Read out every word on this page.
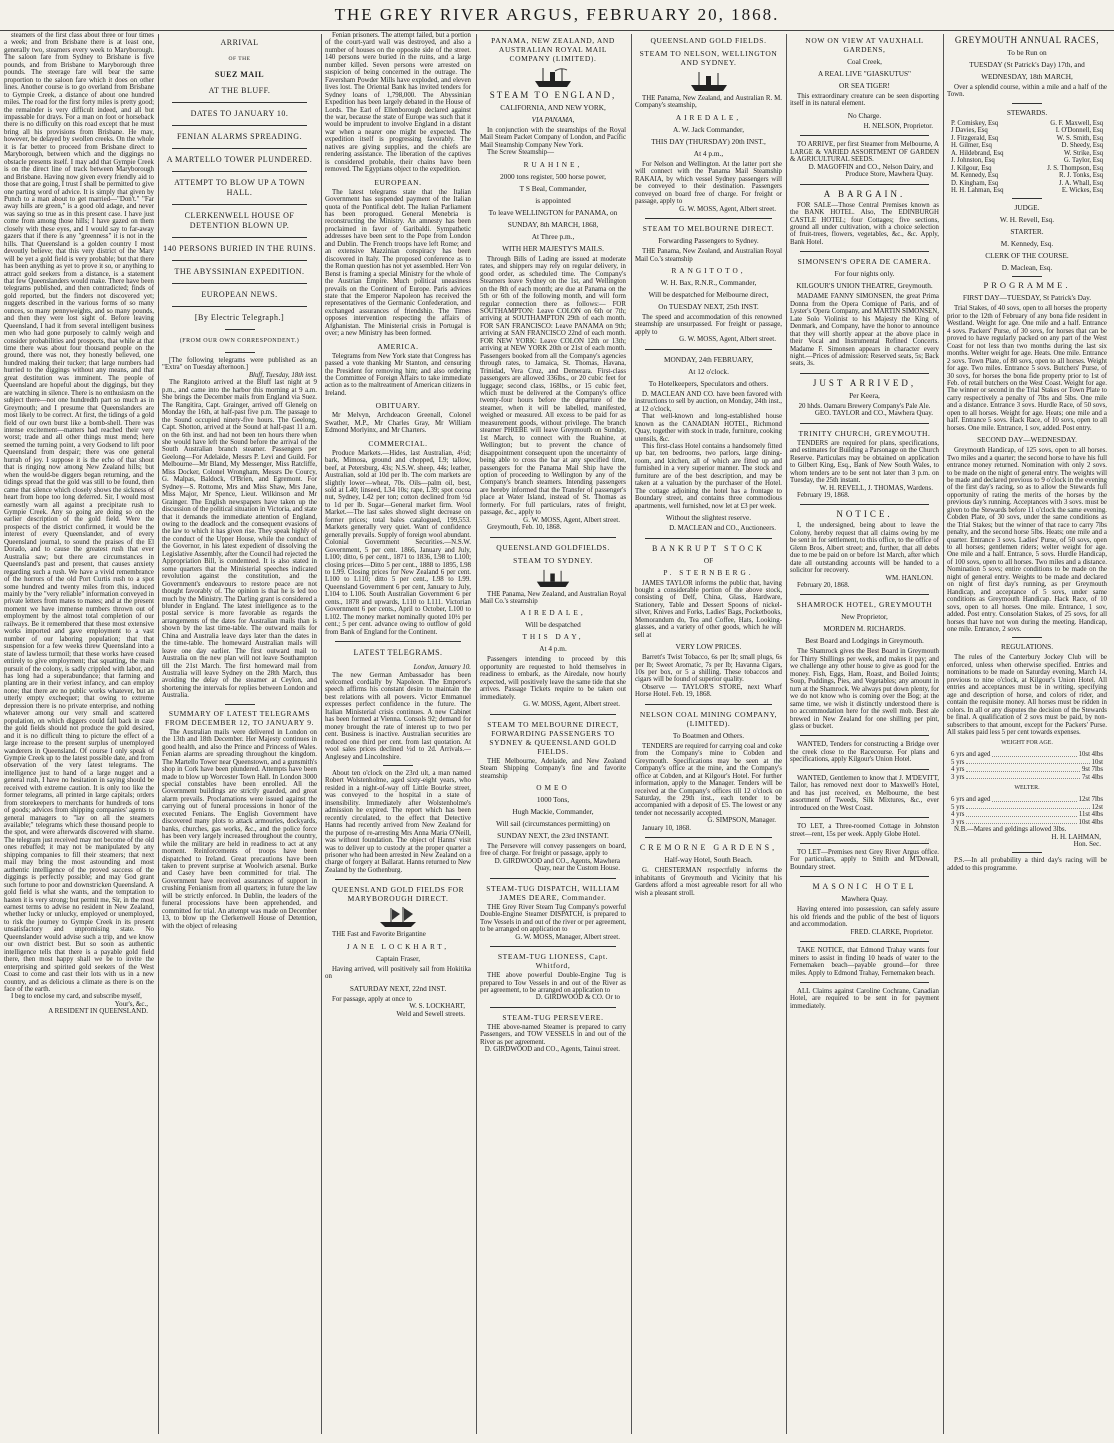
THE GREY RIVER ARGUS, FEBRUARY 20, 1868.

steamers of the first class about three or four times a week; and from Brisbane there is at least one, generally two, steamers every week to Maryborough. The saloon fare from Sydney to Brisbane is five pounds, and from Brisbane to Maryborough three pounds. The steerage fare will bear the same proportion to the saloon fare which it does on other lines. Another course is to go overland from Brisbane to Gympie Creek, a distance of about one hundred miles. The road for the first forty miles is pretty good; the remainder is very difficult indeed, and all but impassable for drays. For a man on foot or horseback there is no difficulty on this road except that he must bring all his provisions from Brisbane. He may, however, be delayed by swollen creeks. On the whole it is far better to proceed from Brisbane direct to Maryborough, between which and the diggings no obstacle presents itself. I may add that Gympie Creek is on the direct line of track between Maryborough and Brisbane. Having now given every friendly aid to those that are going, I trust I shall be permitted to give one parting word of advice. It is simply that given by Punch to a man about to get married—"Don't." "Far away hills are green," is a good old adage, and never was saying so true as in this present case. I have just come from among those hills; I have gazed on them closely with these eyes, and I would say to far-away gazers that if there is any "greenness" it is not in the hills. That Queensland is a golden country I most devoutly believe; that this very district of the Mary will be yet a gold field is very probable; but that there has been anything as yet to prove it so, or anything to attract gold seekers from a distance, is a statement that few Queenslanders would make. There have been telegrams published, and then contradicted; finds of gold reported, but the finders not discovered yet; nuggets described in the various forms of so many ounces, so many pennyweights, and so many pounds, and then they were lost sight of. Before leaving Queensland, I had it from several intelligent business men who had gone purposely to calmly weigh and consider probabilities and prospects, that while at that time there was about four thousand people on the ground, there was not, they honestly believed, one hundred making their tucker; that large numbers had hurried to the diggings without any means, and that great destitution was imminent. The people of Queensland are hopeful about the diggings, but they are watching in silence. There is no enthusiasm on the subject there—not one hundredth part so much as in Greymouth; and I presume that Queenslanders are most likely to be correct. At first, the tidings of a gold field of our own burst like a bomb-shell. There was intense excitement—matters had reached their very worst; trade and all other things must mend; here seemed the turning point, a very Godsend to lift poor Queensland from despair; there was one general hurrah of joy. I suppose it is the echo of that shout that is ringing now among New Zealand hills; but when the would-be diggers began returning, and the tidings spread that the gold was still to be found, then came that silence which closely shows the sickness of heart from hope too long deferred. Sir, I would most earnestly warn all against a precipitate rush to Gympie Creek. Any so going are doing so on the earlier description of the gold field. Were the prospects of the district confirmed, it would be the interest of every Queenslander, and of every Queensland journal, to sound the praises of the El Dorado, and to cause the greatest rush that ever Australia saw; but there are circumstances in Queensland's past and present, that causes anxiety regarding such a rush. We have a vivid remembrance of the horrors of the old Port Curtis rush to a spot some hundred and twenty miles from this, induced mainly by the "very reliable" information conveyed in private letters from mates to mates; and at the present moment we have immense numbers thrown out of employment by the almost total completion of our railways. Be it remembered that these most extensive works imported and gave employment to a vast number of our laboring population; that that suspension for a few weeks threw Queensland into a state of lawless turmoil; that these works have ceased entirely to give employment; that squatting, the main pursuit of the colony, is sadly crippled with labor, and has long had a superabundance; that farming and planting are in their veriest infancy, and can employ none; that there are no public works whatever, but an utterly empty exchequer; that owing to extreme depression there is no private enterprise, and nothing whatever among our very small and scattered population, on which diggers could fall back in case the gold fields should not produce the gold desired, and it is no difficult thing to picture the effect of a large increase to the present surplus of unemployed wanderers in Queensland. Of course I only speak of Gympie Creek up to the latest possible date, and from observation of the very latest telegrams. The intelligence just to hand of a large nugget and a general rush, I have no hesitation in saying should be received with extreme caution. It is only too like the former telegrams, all printed in large capitals; orders from storekeepers to merchants for hundreds of tons of goods; advices from shipping companies' agents to general managers to "lay on all the steamers available;" telegrams which these thousand people to the spot, and were afterwards discovered with shame. The telegram just received may not become of the old ones rebuffed; it may not be manipulated by any shipping companies to fill their steamers; that next mail may bring the most astounding and most authentic intelligence of the proved success of the diggings is perfectly possible; and may God grant such fortune to poor and downstricken Queensland. A gold field is what she wants, and the temptation to hasten it is very strong; but permit me, Sir, in the most earnest terms to advise no resident in New Zealand, whether lucky or unlucky, employed or unemployed, to risk the journey to Gympie Creek in its present unsatisfactory and unpromising state. No Queenslander would advise such a trip, and we know our own district best. But so soon as authentic intelligence tells that there is a payable gold field there, then most happy shall we be to invite the enterprising and spirited gold seekers of the West Coast to come and cast their lots with us in a new country, and as delicious a climate as there is on the face of the earth.

I beg to enclose my card, and subscribe myself,

Your's, &c.,
A RESIDENT IN QUEENSLAND.
ARRIVAL
OF THE
SUEZ MAIL
AT THE BLUFF.
DATES TO JANUARY 10.
FENIAN ALARMS SPREADING.
A MARTELLO TOWER PLUNDERED.
ATTEMPT TO BLOW UP A TOWN HALL.
CLERKENWELL HOUSE OF DETENTION BLOWN UP.
140 PERSONS BURIED IN THE RUINS.
THE ABYSSINIAN EXPEDITION.
EUROPEAN NEWS.
[By Electric Telegraph.]
(FROM OUR OWN CORRESPONDENT.)

[The following telegrams were published as an "Extra" on Tuesday afternoon.]

Bluff, Tuesday, 18th inst.

The Rangitoto arrived at the Bluff last night at 9 p.m., and came into the harbor this morning at 9 a.m. She brings the December mails from England via Suez. The Rangitira, Capt. Grainger, arrived off Glenelg on Monday the 16th, at half-past five p.m. The passage to the Sound occupied ninety-five hours. The Geelong, Capt. Shotton, arrived at the Sound at half-past 11 a.m. on the 6th inst. and had not been ten hours there when she would have left the Sound before the arrival of the South Australian branch steamer. Passengers per Geelong—For Adelaide, Messrs P. Levi and Guild. For Melbourne—Mr Bland, My Messenger, Miss Ratcliffe, Miss Docker, Colonel Wrongham, Messrs De Courcy, G. Malpas, Baldock, O'Brien, and Egremont. For Sydney—S. Rottome, Mrs and Miss Shaw, Mrs Jane, Miss Major, Mr Spence, Lieut. Wilkinson and Mr Grainger. The English newspapers have taken up the discussion of the political situation in Victoria, and state that it demands the immediate attention of England, owing to the deadlock and the consequent evasions of the law to which it has given rise. They speak highly of the conduct of the Upper House, while the conduct of the Governor, in his latest expedient of dissolving the Legislative Assembly, after the Council had rejected the Appropriation Bill, is condemned. It is also stated in some quarters that the Ministerial speeches indicated revolution against the constitution, and the Government's endeavours to restore peace are not thought favorably of. The opinion is that he is led too much by the Ministry. The Darling grant is considered a blunder in England. The latest intelligence as to the postal service is more favorable as regards the arrangements of the dates for Australian mails than is shown by the last time-table. The outward mails for China and Australia leave days later than the dates in the time-table. The homeward Australian mails will leave one day earlier. The first outward mail to Australia on the new plan will not leave Southampton till the 21st March. The first homeward mail from Australia will leave Sydney on the 28th March, thus avoiding the delay of the steamer at Ceylon, and shortening the intervals for replies between London and Australia.

SUMMARY OF LATEST TELEGRAMS FROM DECEMBER 12, TO JANUARY 9.

The Australian mails were delivered in London on the 13th and 18th December. Her Majesty continues in good health, and also the Prince and Princess of Wales. Fenian alarms are spreading throughout the kingdom. The Martello Tower near Queenstown, and a gunsmith's shop in Cork have been plundered. Attempts have been made to blow up Worcester Town Hall. In London 3000 special constables have been enrolled. All the Government buildings are strictly guarded, and great alarm prevails. Proclamations were issued against the carrying out of funeral processions in honor of the executed Fenians. The English Government have discovered many plots to attack armouries, dockyards, banks, churches, gas works, &c., and the police force has been very largely increased throughout the country, while the military are held in readiness to act at any moment. Reinforcements of troops have been dispatched to Ireland. Great precautions have been taken to prevent surprise at Woolwich arsenal. Burke and Casey have been committed for trial. The Government have received assurances of support in crushing Fenianism from all quarters; in future the law will be strictly enforced. In Dublin, the leaders of the funeral processions have been apprehended, and committed for trial. An attempt was made on December 13, to blow up the Clerkenwell House of Detention, with the object of releasing

Fenian prisoners. The attempt failed, but a portion of the court-yard wall was destroyed, and also a number of houses on the opposite side of the street. 140 persons were buried in the ruins, and a large number killed. Seven persons were arrested on suspicion of being concerned in the outrage. The Faversham Powder Mills have exploded, and eleven lives lost. The Oriental Bank has invited tenders for Sydney loans of 1,798,000. The Abyssinian Expedition has been largely debated in the House of Lords. The Earl of Ellenborough declared against the war, because the state of Europe was such that it would be imprudent to involve England in a distant war when a nearer one might be expected. The expedition itself is progressing favorably. The natives are giving supplies, and the chiefs are rendering assistance. The liberation of the captives is considered probable, their chains have been removed. The Egyptians object to the expedition.

EUROPEAN.

The latest telegrams state that the Italian Government has suspended payment of the Italian quota of the Pontifical debt. The Italian Parliament has been prorogued. General Menebria is reconstructing the Ministry. An amnesty has been proclaimed in favor of Garibaldi. Sympathetic addresses have been sent to the Pope from London and Dublin. The French troops have left Rome; and an extensive Mazzinian conspiracy has been discovered in Italy. The proposed conference as to the Roman question has not yet assembled. Herr Von Benst is framing a special Ministry for the whole of the Austrian Empire. Much political uneasiness prevails on the Continent of Europe. Paris advices state that the Emperor Napoleon has received the representatives of the Germanic Confederation, and exchanged assurances of friendship. The Times opposes intervention respecting the affairs of Afghanistan. The Ministerial crisis in Portugal is over; a new Ministry has been formed.

AMERICA.

Telegrams from New York state that Congress has passed a vote thanking Mr Stanton, and censuring the President for removing him; and also ordering the Committee of Foreign Affairs to take immediate action as to the maltreatment of American citizens in Ireland.

OBITUARY.

Mr Melvyn, Archdeacon Greenall, Colonel Swather, M.P., Mr Charles Gray, Mr William Edmond Morlyinx, and Mr Charters.

COMMERCIAL.

Produce Markets.—Hides, last Australian, 4½d; bark, Mimosa, ground and chopped, L9; tallow, beef, at Petersburg, 43s; N.S.W. sheep, 44s; leather, Australian, sold at 10d per lb. The corn markets are slightly lower—wheat, 70s. Oils—palm oil, best, sold at L40; linseed, L34 10s; rape, L39; spot cocoa nut, Sydney, L42 per ton; cotton declined from ½d to 1d per lb. Sugar—General market firm. Wool Market.—The last sales showed slight decrease on former prices; total bales catalogued, 199,553. Markets generally very quiet. Want of confidence generally prevails. Supply of foreign wool abundant. Colonial Government Securities.—N.S.W. Government, 5 per cent. 1866, January and July, L100; ditto, 6 per cent., 1871 to 1836, L98 to L100; closing prices—Ditto 5 per cent., 1888 to 1895, L98 to L99. Closing prices for New Zealand 6 per cent. L100 to L110; ditto 5 per cent., L98 to L99. Queensland Government 6 per cent, January to July, L104 to L106. South Australian Government 6 per cents., 1878 and upwards, L110 to L111. Victorian Government 6 per cents., April to October, L100 to L102. The money market nominally quoted 10½ per cent.; 5 per cent. advance owing to outflow of gold from Bank of England for the Continent.

LATEST TELEGRAMS.

London, January 10.

The new German Ambassador has been welcomed cordially by Napoleon. The Emperor's speech affirms his constant desire to maintain the best relations with all powers. Victor Emmanuel expresses perfect confidence in the future. The Italian Ministerial crisis continues. A new Cabinet has been formed at Vienna. Consols 92; demand for money brought the rate of interest up to two per cent. Business is inactive. Australian securities are reduced one third per cent. from last quotation. At wool sales prices declined ½d to 2d. Arrivals.—Anglesey and Lincolnshire.

About ten o'clock on the 23rd ult, a man named Robert Wolstenholme, aged sixty-eight years, who resided in a night-of-way off Little Bourke street, was conveyed to the hospital in a state of insensibility. Immediately after Wolstenholme's admission he expired. The report which has been recently circulated, to the effect that Detective Hanns had recently arrived from New Zealand for the purpose of re-arresting Mrs Anna Maria O'Neill, was without foundation. The object of Hanns' visit was to deliver up to custody at the proper quarter a prisoner who had been arrested in New Zealand on a charge of forgery at Ballarat. Hanns returned to New Zealand by the Gothenburg.

QUEENSLAND GOLD FIELDS FOR MARYBOROUGH DIRECT.

THE Fast and Favorite Brigantine

JANE LOCKHART,
Captain Fraser,

Having arrived, will positively sail from Hokitika on

SATURDAY NEXT, 22nd INST.

For passage, apply at once to

W. S. LOCKHART,
Weld and Sewell streets.
PANAMA, NEW ZEALAND, AND AUSTRALIAN ROYAL MAIL COMPANY (LIMITED).
STEAM TO ENGLAND,
CALIFORNIA, AND NEW YORK,
VIA PANAMA,

In conjunction with the steamships of the Royal Mail Steam Packet Company of London, and Pacific Mail Steamship Company New York.

The Screw Steamship—

RUAHINE,
2000 tons register, 500 horse power,
T S Beal, Commander,
is appointed
To leave WELLINGTON for PANAMA, on
SUNDAY, 8th MARCH, 1868,
At Three p.m.,
WITH HER MAJESTY'S MAILS.

Through Bills of Lading are issued at moderate rates, and shippers may rely on regular delivery, in good order, as scheduled time. The Company's Steamers leave Sydney on the 1st, and Wellington on the 8th of each month; are due at Panama on the 5th or 6th of the following month, and will form regular connection there as follows:— FOR SOUTHAMPTON: Leave COLON on 6th or 7th; arriving at SOUTHAMPTON 29th of each month. FOR SAN FRANCISCO: Leave PANAMA on 9th; arriving at SAN FRANCISCO 22nd of each month. FOR NEW YORK: Leave COLON 12th or 13th; arriving at NEW YORK 20th or 21st of each month. Passengers booked from all the Company's agencies through rates, to Jamaica, St. Thomas, Havana, Trinidad, Vera Cruz, and Demerara. First-class passengers are allowed 336lbs., or 20 cubic feet for luggage; second class, 168lbs., or 15 cubic feet, which must be delivered at the Company's office twenty-four hours before the departure of the steamer, when it will be labelled, manifested, weighed or measured. All excess to be paid for as measurement goods, without privilege. The branch steamer PHŒBE will leave Greymouth on Sunday, 1st March, to connect with the Ruahine, at Wellington; but to prevent the chance of disappointment consequent upon the uncertainty of being able to cross the bar at any specified time, passengers for the Panama Mail Ship have the option of proceeding to Wellington by any of the Company's branch steamers. Intending passengers are hereby informed that the Transfer of passenger's place at Water Island, instead of St. Thomas as formerly. For full particulars, rates of freight, passage, &c., apply to

G. W. MOSS, Agent, Albert street.

Greymouth, Feb. 10, 1868.

QUEENSLAND GOLDFIELDS.
STEAM TO SYDNEY.

THE Panama, New Zealand, and Australian Royal Mail Co.'s steamship

AIREDALE,
Will be despatched
THIS DAY,
At 4 p.m.

Passengers intending to proceed by this opportunity are requested to hold themselves in readiness to embark, as the Airedale, now hourly expected, will positively leave the same tide that she arrives. Passage Tickets require to be taken out immediately.

G. W. MOSS, Agent, Albert street.
STEAM TO MELBOURNE DIRECT, FORWARDING PASSENGERS TO SYDNEY & QUEENSLAND GOLD FIELDS.

THE Melbourne, Adelaide, and New Zealand Steam Shipping Company's fine and favorite steamship

OMEO
1000 Tons,
Hugh Mackie, Commander,
Will sail (circumstances permitting) on
SUNDAY NEXT, the 23rd INSTANT.

The Persevere will convey passengers on board, free of charge. For freight or passage, apply to

D. GIRDWOOD and CO., Agents, Mawhera Quay, near the Custom House.
STEAM-TUG DISPATCH, WILLIAM JAMES DEARE, Commander.

THE Grey River Steam Tug Company's powerful Double-Engine Steamer DISPATCH, is prepared to Tow Vessels in and out of the river or per agreement, to be arranged on application to

G. W. MOSS, Manager, Albert street.
STEAM-TUG LIONESS, Capt. Whitford,

THE above powerful Double-Engine Tug is prepared to Tow Vessels in and out of the River as per agreement, to be arranged on application to

D. GIRDWOOD & CO. Or to
STEAM-TUG PERSEVERE.

THE above-named Steamer is prepared to carry Passengers, and TOW VESSELS in and out of the River as per agreement.

D. GIRDWOOD and CO., Agents, Tainui street.
QUEENSLAND GOLD FIELDS.
STEAM TO NELSON, WELLINGTON AND SYDNEY.

THE Panama, New Zealand, and Australian R. M. Company's steamship,

AIREDALE,
A. W. Jack Commander,
THIS DAY (THURSDAY) 20th INST.,
At 4 p.m.,

For Nelson and Wellington. At the latter port she will connect with the Panama Mail Steamship RAKAIA, by which vessel Sydney passengers will be conveyed to their destination. Passengers conveyed on board free of charge. For freight or passage, apply to

G. W. MOSS, Agent, Albert street.
STEAM TO MELBOURNE DIRECT.
Forwarding Passengers to Sydney.

THE Panama, New Zealand, and Australian Royal Mail Co.'s steamship

RANGITOTO,
W. H. Bax, R.N.R., Commander,
Will be despatched for Melbourne direct,
On TUESDAY NEXT, 25th INST.

The speed and accommodation of this renowned steamship are unsurpassed. For freight or passage, apply to

G. W. MOSS, Agent, Albert street.
MONDAY, 24th FEBRUARY,
At 12 o'clock.
To Hotelkeepers, Speculators and others.

D. MACLEAN AND CO. have been favored with instructions to sell by auction, on Monday, 24th inst., at 12 o'clock,

That well-known and long-established house known as the CANADIAN HOTEL, Richmond Quay, together with stock in trade, furniture, cooking utensils, &c.

This first-class Hotel contains a handsomely fitted up bar, ten bedrooms, two parlors, large dining-room, and kitchen, all of which are fitted up and furnished in a very superior manner. The stock and furniture are of the best description, and may be taken at a valuation by the purchaser of the Hotel. The cottage adjoining the hotel has a frontage to Boundary street, and contains three commodious apartments, well furnished, now let at £3 per week.

Without the slightest reserve.
D. MACLEAN and CO., Auctioneers.
BANKRUPT STOCK
OF
P. STERNBERG.

JAMES TAYLOR informs the public that, having bought a considerable portion of the above stock, consisting of Delf, China, Glass, Hardware, Stationery, Table and Dessert Spoons of nickel-silver, Knives and Forks, Ladies' Bags, Pocketbooks, Memorandum do, Tea and Coffee, Hats, Looking-glasses, and a variety of other goods, which he will sell at

VERY LOW PRICES.

Barrett's Twist Tobacco, 6s per lb; small plugs, 6s per lb; Sweet Aromatic, 7s per lb; Havanna Cigars, 10s per box, or 5 a shilling. These tobaccos and cigars will be found of superior quality.

Observe — TAYLOR'S STORE, next Wharf Horse Hotel. Feb. 19, 1868.

NELSON COAL MINING COMPANY, (LIMITED).
To Boatmen and Others.

TENDERS are required for carrying coal and coke from the Company's mine to Cobden and Greymouth. Specifications may be seen at the Company's office at the mine, and the Company's office at Cobden, and at Kilgour's Hotel. For further information, apply to the Manager. Tenders will be received at the Company's offices till 12 o'clock on Saturday, the 29th inst., each tender to be accompanied with a deposit of £5. The lowest or any tender not necessarily accepted.

G. SIMPSON, Manager.

January 10, 1868.

CREMORNE GARDENS,
Half-way Hotel, South Beach.

G. CHESTERMAN respectfully informs the inhabitants of Greymouth and Vicinity that his Gardens afford a most agreeable resort for all who wish a pleasant stroll.

NOW ON VIEW AT VAUXHALL GARDENS,
Coal Creek,
A REAL LIVE "GIASKUTUS"
OR SEA TIGER!

This extraordinary creature can be seen disporting itself in its natural element.

No Charge.
H. NELSON, Proprietor.

TO ARRIVE, per first Steamer from Melbourne, A LARGE & VARIED ASSORTMENT OF GARDEN & AGRICULTURAL SEEDS.

D. MAGOFFIN and CO., Nelson Dairy, and Produce Store, Mawhera Quay.
A BARGAIN.

FOR SALE—Those Central Premises known as the BANK HOTEL. Also, The EDINBURGH CASTLE HOTEL; four Cottages; five sections, ground all under cultivation, with a choice selection of fruit-trees, flowers, vegetables, &c., &c. Apply, Bank Hotel.

SIMONSEN'S OPERA DE CAMERA.
For four nights only.
KILGOUR'S UNION THEATRE, Greymouth.

MADAME FANNY SIMONSEN, the great Prima Donna from the Opera Comique of Paris, and of Lyster's Opera Company, and MARTIN SIMONSEN, Late Solo Violinist to his Majesty the King of Denmark, and Company, have the honor to announce that they will shortly appear at the above place in their Vocal and Instrumental Refined Concerts. Madame F. Simonsen appears in character every night.—Prices of admission: Reserved seats, 5s; Back seats, 3s.

JUST ARRIVED,
Per Keera,

20 hhds. Oamaru Brewery Company's Pale Ale.

GEO. TAYLOR and CO., Mawhera Quay.
TRINITY CHURCH, GREYMOUTH.

TENDERS are required for plans, specifications, and estimates for Building a Parsonage on the Church Reserve. Particulars may be obtained on application to Gilbert King, Esq., Bank of New South Wales, to whom tenders are to be sent not later than 3 p.m. on Tuesday, the 25th instant.

W. H. REVELL, J. THOMAS, Wardens.

February 19, 1868.

NOTICE.

I, the undersigned, being about to leave the Colony, hereby request that all claims owing by me be sent in for settlement, to this office, to the office of Glenn Bros, Albert street; and, further, that all debts due to me be paid on or before 1st March, after which date all outstanding accounts will be handed to a solicitor for recovery.

WM. HANLON.

February 20, 1868.

SHAMROCK HOTEL, GREYMOUTH
New Proprietor,
MORDEN M. RICHARDS.
Best Board and Lodgings in Greymouth.

The Shamrock gives the Best Board in Greymouth for Thirty Shillings per week, and makes it pay; and we challenge any other house to give as good for the money. Fish, Eggs, Ham, Roast, and Boiled Joints; Soup, Puddings, Pies, and Vegetables; any amount in turn at the Shamrock. We always put down plenty, for we do not know who is coming over the Bog; at the same time, we wish it distinctly understood there is no accommodation here for the swell mob. Best ale brewed in New Zealand for one shilling per pint, glass or bucket.

WANTED, Tenders for constructing a Bridge over the creek close to the Racecourse. For plans and specifications, apply Kilgour's Union Hotel.

WANTED, Gentlemen to know that J. M'DEVITT, Tailor, has removed next door to Maxwell's Hotel, and has just received, ex Melbourne, the best assortment of Tweeds, Silk Mixtures, &c., ever introduced on the West Coast.

TO LET, a Three-roomed Cottage in Johnston street—rent, 15s per week. Apply Globe Hotel.

TO LET—Premises next Grey River Argus office. For particulars, apply to Smith and M'Dowall, Boundary street.

MASONIC HOTEL
Mawhera Quay.

Having entered into possession, can safely assure his old friends and the public of the best of liquors and accommodation.

FRED. CLARKE, Proprietor.

TAKE NOTICE, that Edmond Trahay wants four miners to assist in finding 10 heads of water to the Fernemaken beach—payable ground—for three miles. Apply to Edmond Trahay, Fernemaken beach.

ALL Claims against Caroline Cochrane, Canadian Hotel, are required to be sent in for payment immediately.

GREYMOUTH ANNUAL RACES,
To be Run on
TUESDAY (St Patrick's Day) 17th, and
WEDNESDAY, 18th MARCH,

Over a splendid course, within a mile and a half of the Town.

STEWARDS.
P. Comiskey, Esq	G. F. Maxwell, Esq
J Davies, Esq	I. O'Donnell, Esq
J. Fitzgerald, Esq	W. S. Smith, Esq
H. Gilmer, Esq	D. Sheedy, Esq
A. Hildebrand, Esq	W. Strike, Esq
J. Johnston, Esq	G. Taylor, Esq
J. Kilgour, Esq	J. S. Thompson, Esq
M. Kennedy, Esq	R. J. Tonks, Esq
D. Kingham, Esq	J. A. Whall, Esq
H. H. Lahman, Esq	E. Wickes, Esq
JUDGE.
W. H. Revell, Esq.
STARTER.
M. Kennedy, Esq.
CLERK OF THE COURSE.
D. Maclean, Esq.
PROGRAMME.
FIRST DAY—TUESDAY, St Patrick's Day.

Trial Stakes, of 40 sovs, open to all horses the property prior to the 12th of February of any bona fide resident in Westland. Weight for age. One mile and a half. Entrance 4 sovs. Packers' Purse, of 30 sovs, for horses that can be proved to have regularly packed on any part of the West Coast for not less than two months during the last six months. Welter weight for age. Heats. One mile. Entrance 2 sovs. Town Plate, of 80 sovs, open to all horses. Weight for age. Two miles. Entrance 5 sovs. Butchers' Purse, of 30 sovs, for horses the bona fide property prior to 1st of Feb. of retail butchers on the West Coast. Weight for age. The winner or second in the Trial Stakes or Town Plate to carry respectively a penalty of 7lbs and 5lbs. One mile and a distance. Entrance 3 sovs. Hurdle Race, of 50 sovs, open to all horses. Weight for age. Heats; one mile and a half. Entrance 5 sovs. Hack Race, of 10 sovs, open to all horses. One mile. Entrance, 1 sov, added. Post entry.

SECOND DAY—WEDNESDAY.

Greymouth Handicap, of 125 sovs, open to all horses. Two miles and a quarter; the second horse to have his full entrance money returned. Nomination with only 2 sovs. to be made on the night of general entry. The weights will be made and declared previous to 9 o'clock in the evening of the first day's racing, so as to allow the Stewards full opportunity of rating the merits of the horses by the previous day's running. Acceptances with 3 sovs. must be given to the Stewards before 11 o'clock the same evening. Cobden Plate, of 30 sovs, under the same conditions as the Trial Stakes; but the winner of that race to carry 7lbs penalty, and the second horse 5lbs. Heats; one mile and a quarter. Entrance 3 sovs. Ladies' Purse, of 50 sovs, open to all horses; gentlemen riders; welter weight for age. One mile and a half. Entrance, 5 sovs. Hurdle Handicap, of 100 sovs, open to all horses. Two miles and a distance. Nomination 5 sovs; entire conditions to be made on the night of general entry. Weights to be made and declared on night of first day's running, as per Greymouth Handicap, and acceptance of 5 sovs, under same conditions as Greymouth Handicap. Hack Race, of 10 sovs, open to all horses. One mile. Entrance, 1 sov, added. Post entry. Consolation Stakes, of 25 sovs, for all horses that have not won during the meeting. Handicap, one mile. Entrance, 2 sovs.

REGULATIONS.

The rules of the Canterbury Jockey Club will be enforced, unless when otherwise specified. Entries and nominations to be made on Saturday evening, March 14, previous to nine o'clock, at Kilgour's Union Hotel. All entries and acceptances must be in writing, specifying age and description of horse, and colors of rider, and contain the requisite money. All horses must be ridden in colors. In all or any disputes the decision of the Stewards be final. A qualification of 2 sovs must be paid, by non-subscribers to that amount, except for the Packers' Purse. All stakes paid less 5 per cent towards expenses.

WEIGHT FOR AGE.
6 yrs and aged	10st 4lbs
5 yrs	10st
4 yrs	9st 7lbs
3 yrs	7st 4lbs
WELTER.
6 yrs and aged	12st 7lbs
5 yrs	12st
4 yrs	11st 4lbs
3 yrs	10st 4lbs

N.B.—Mares and geldings allowed 3lbs.

H. H. LAHMAN,
Hon. Sec.

P.S.—In all probability a third day's racing will be added to this programme.
